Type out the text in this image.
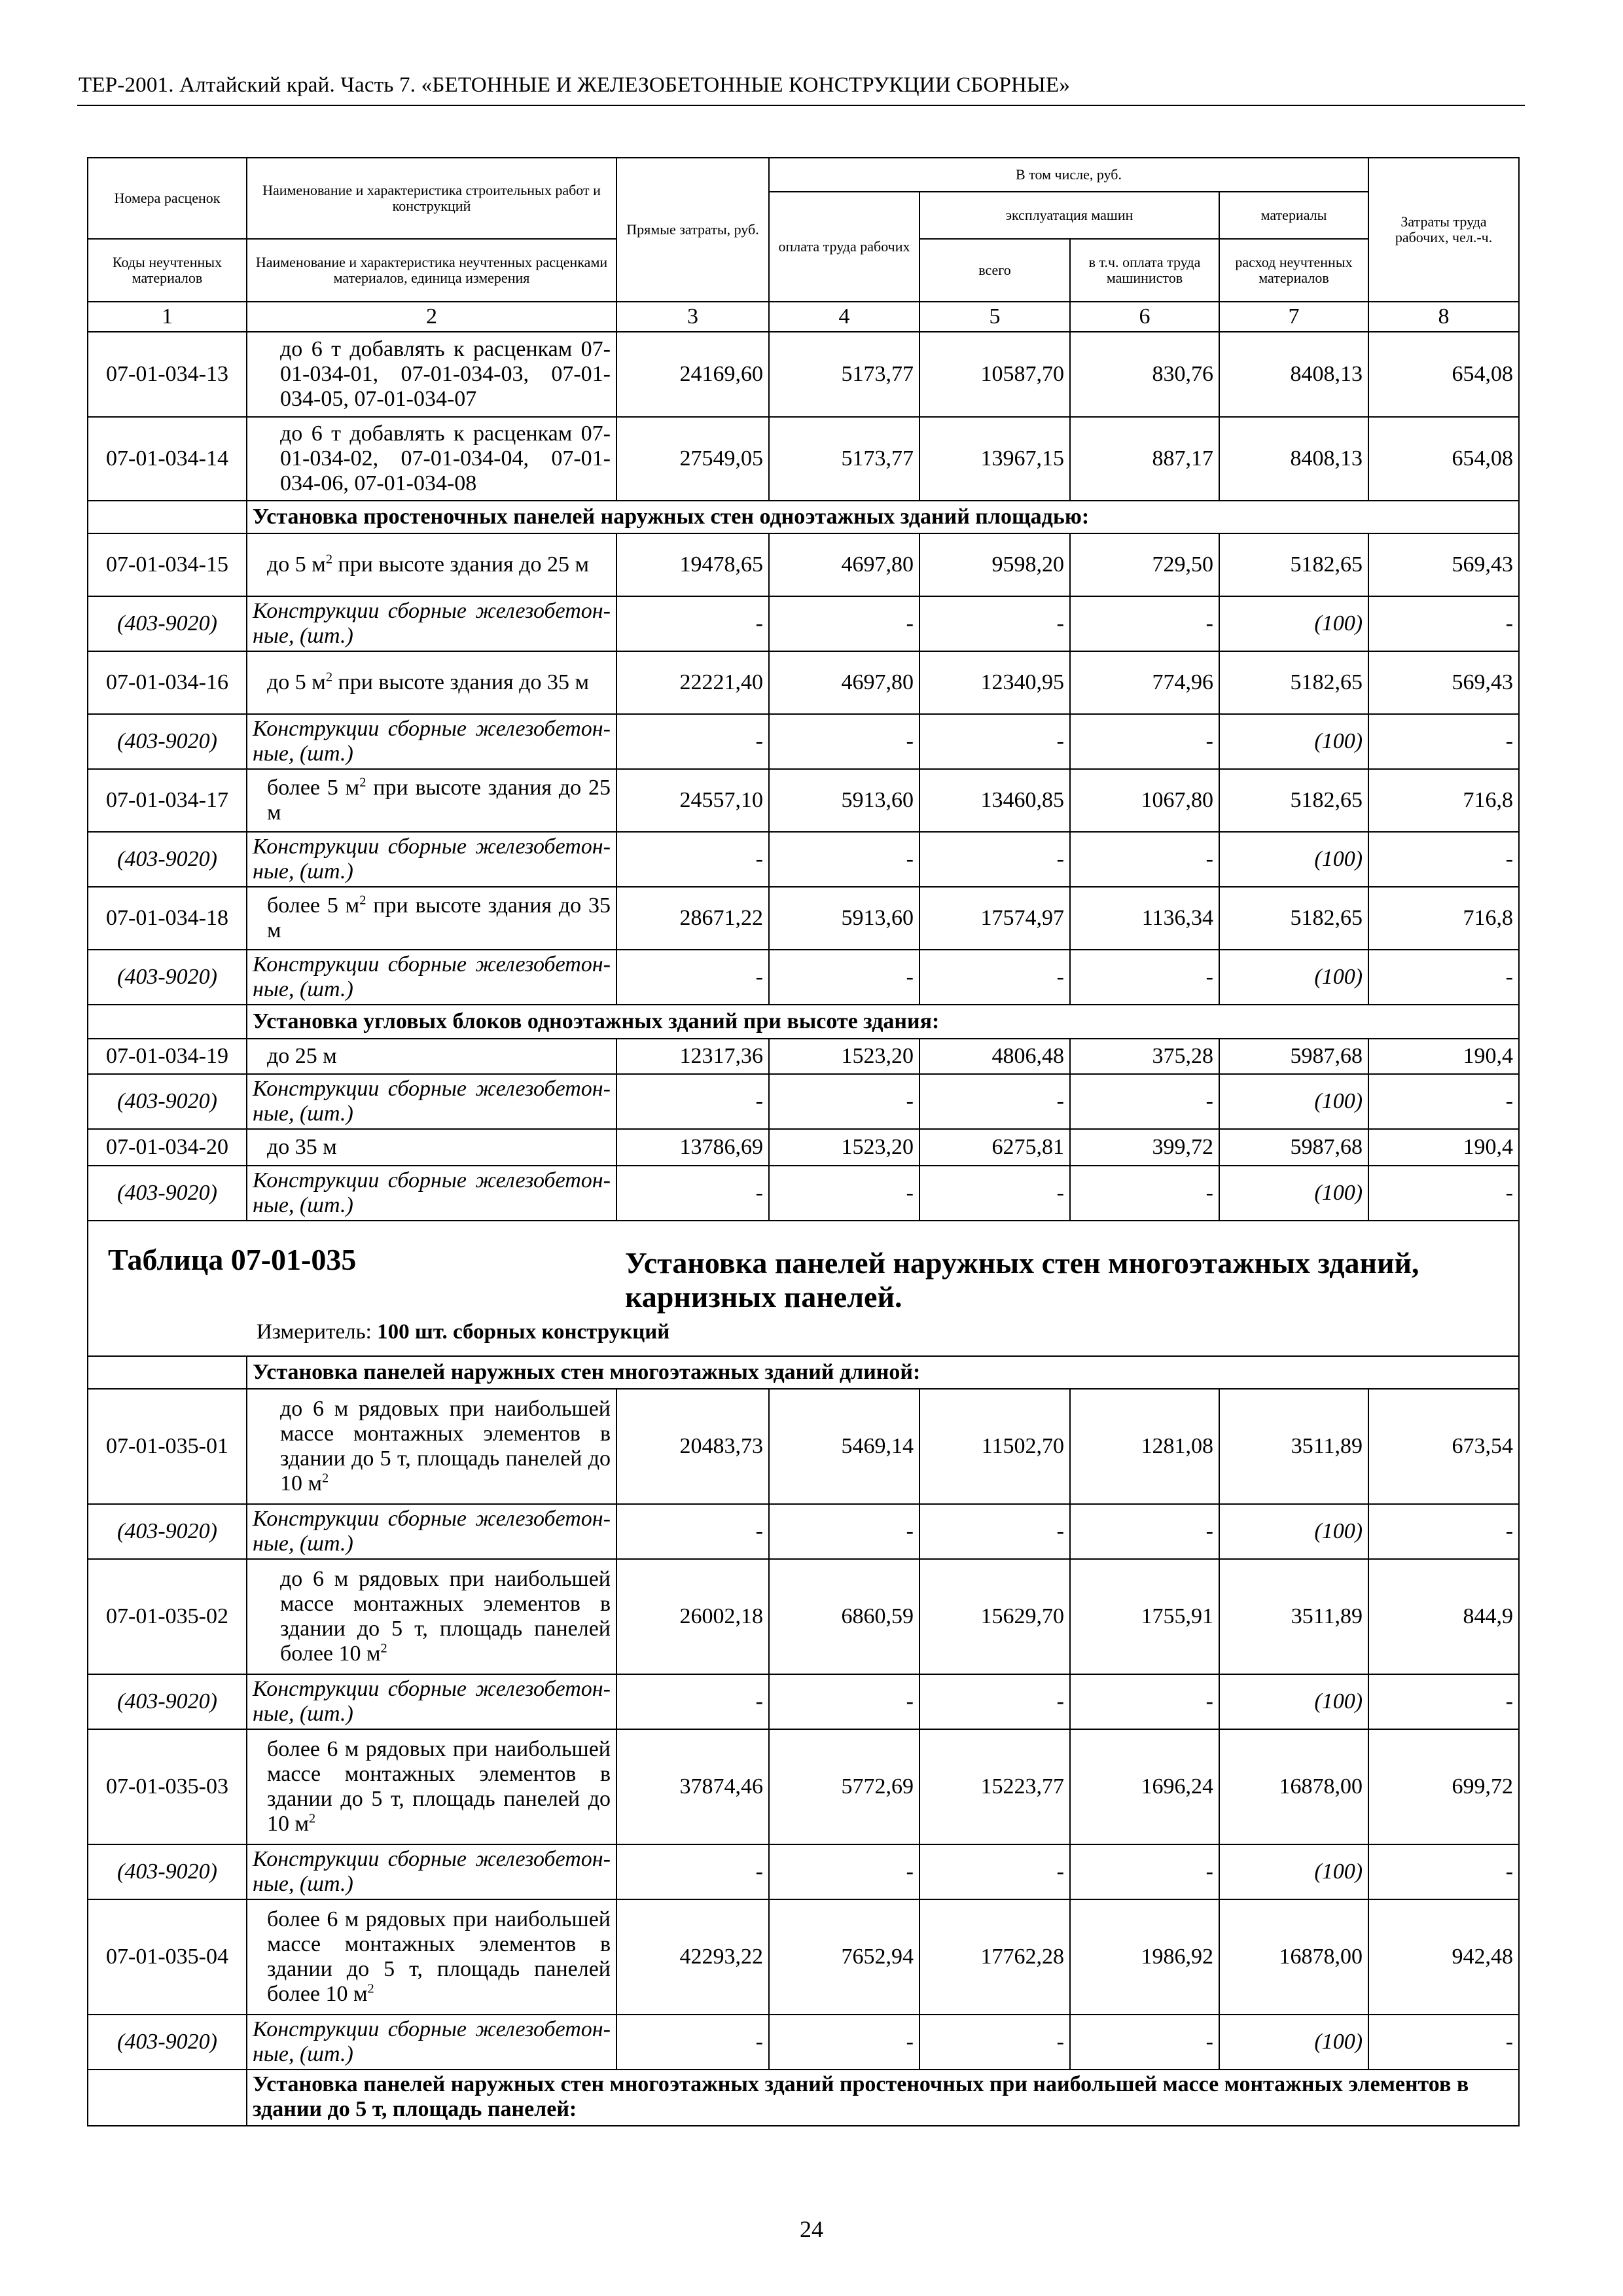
ТЕР-2001. Алтайский край. Часть 7. «БЕТОННЫЕ И ЖЕЛЕЗОБЕТОННЫЕ КОНСТРУКЦИИ СБОРНЫЕ»
Номера расценок	Наименование и характеристика строительных работ и конструкций	Прямые затраты, руб.	В том числе, руб.				Затраты труда рабочих, чел.-ч.
			оплата труда рабочих	эксплуатация машин		материалы	
Коды неучтенных материалов	Наименование и характеристика неучтенных расценками материалов, единица измерения			всего	в т.ч. оплата труда машинистов	расход неучтенных материалов	
1	2	3	4	5	6	7	8
07-01-034-13	до 6 т добавлять к расценкам 07-01-034-01, 07-01-034-03, 07-01-034-05, 07-01-034-07	24169,60	5173,77	10587,70	830,76	8408,13	654,08
07-01-034-14	до 6 т добавлять к расценкам 07-01-034-02, 07-01-034-04, 07-01-034-06, 07-01-034-08	27549,05	5173,77	13967,15	887,17	8408,13	654,08
	Установка простеночных панелей наружных стен одноэтажных зданий площадью:						
07-01-034-15	до 5 $м^2$ при высоте здания до 25 м	19478,65	4697,80	9598,20	729,50	5182,65	569,43
(403-9020)	Конструкции сборные железобетонные, (шт.)	-	-	-	-	(100)	-
07-01-034-16	до 5 $м^2$ при высоте здания до 35 м	22221,40	4697,80	12340,95	774,96	5182,65	569,43
(403-9020)	Конструкции сборные железобетонные, (шт.)	-	-	-	-	(100)	-
07-01-034-17	более 5 $м^2$ при высоте здания до 25 м	24557,10	5913,60	13460,85	1067,80	5182,65	716,8
(403-9020)	Конструкции сборные железобетонные, (шт.)	-	-	-	-	(100)	-
07-01-034-18	более 5 $м^2$ при высоте здания до 35 м	28671,22	5913,60	17574,97	1136,34	5182,65	716,8
(403-9020)	Конструкции сборные железобетонные, (шт.)	-	-	-	-	(100)	-
	Установка угловых блоков одноэтажных зданий при высоте здания:						
07-01-034-19	до 25 м	12317,36	1523,20	4806,48	375,28	5987,68	190,4
(403-9020)	Конструкции сборные железобетонные, (шт.)	-	-	-	-	(100)	-
07-01-034-20	до 35 м	13786,69	1523,20	6275,81	399,72	5987,68	190,4
(403-9020)	Конструкции сборные железобетонные, (шт.)	-	-	-	-	(100)	-

Таблица 07-01-035 Установка панелей наружных стен многоэтажных зданий, карнизных панелей.
Измеритель: 100 шт. сборных конструкций							

	Установка панелей наружных стен многоэтажных зданий длиной:						
07-01-035-01	до 6 м рядовых при наибольшей массе монтажных элементов в здании до 5 т, площадь панелей до 10 $м^2$	20483,73	5469,14	11502,70	1281,08	3511,89	673,54
(403-9020)	Конструкции сборные железобетонные, (шт.)	-	-	-	-	(100)	-
07-01-035-02	до 6 м рядовых при наибольшей массе монтажных элементов в здании до 5 т, площадь панелей более 10 $м^2$	26002,18	6860,59	15629,70	1755,91	3511,89	844,9
(403-9020)	Конструкции сборные железобетонные, (шт.)	-	-	-	-	(100)	-
07-01-035-03	более 6 м рядовых при наибольшей массе монтажных элементов в здании до 5 т, площадь панелей до 10 $м^2$	37874,46	5772,69	15223,77	1696,24	16878,00	699,72
(403-9020)	Конструкции сборные железобетонные, (шт.)	-	-	-	-	(100)	-
07-01-035-04	более 6 м рядовых при наибольшей массе монтажных элементов в здании до 5 т, площадь панелей более 10 $м^2$	42293,22	7652,94	17762,28	1986,92	16878,00	942,48
(403-9020)	Конструкции сборные железобетонные, (шт.)	-	-	-	-	(100)	-
	Установка панелей наружных стен многоэтажных зданий простеночных при наибольшей массе монтажных элементов в здании до 5 т, площадь панелей:						
24
